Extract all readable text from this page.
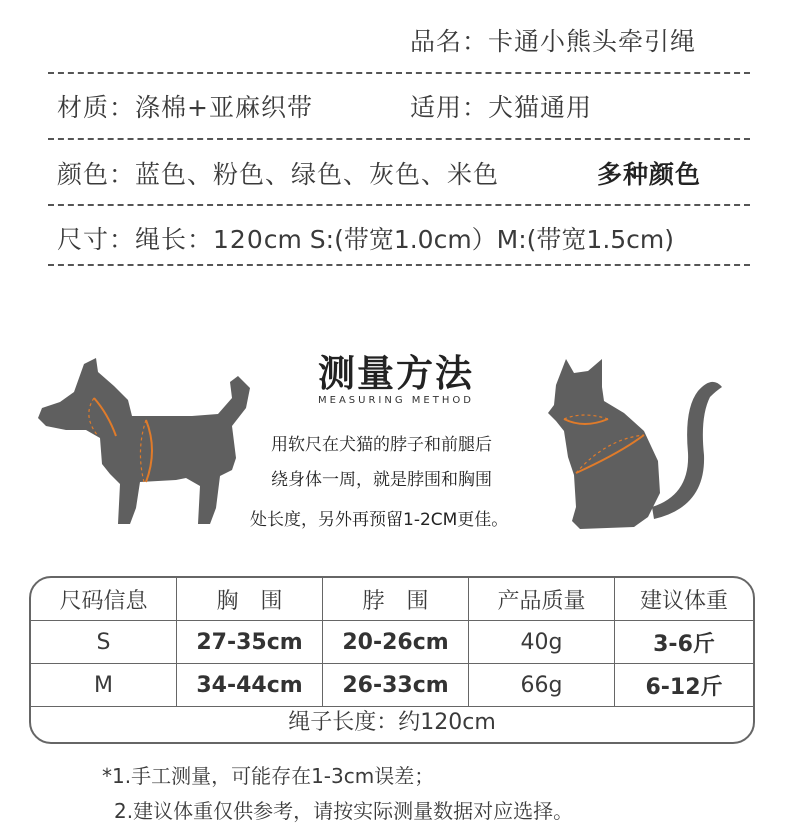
品名：卡通小熊头牵引绳
材质：涤棉+亚麻织带	适用：犬猫通用
颜色：蓝色、粉色、绿色、灰色、米色	多种颜色
尺寸：绳长：120cm S:(带宽1.0cm）M:(带宽1.5cm)
测量方法
MEASURING METHOD
用软尺在犬猫的脖子和前腿后
绕身体一周，就是脖围和胸围
处长度，另外再预留1-2CM更佳。
尺码信息	胸　围	脖　围	产品质量	建议体重
S	27-35cm	20-26cm	40g	3-6斤
M	34-44cm	26-33cm	66g	6-12斤
绳子长度：约120cm
*1.手工测量，可能存在1-3cm误差；
2.建议体重仅供参考，请按实际测量数据对应选择。
